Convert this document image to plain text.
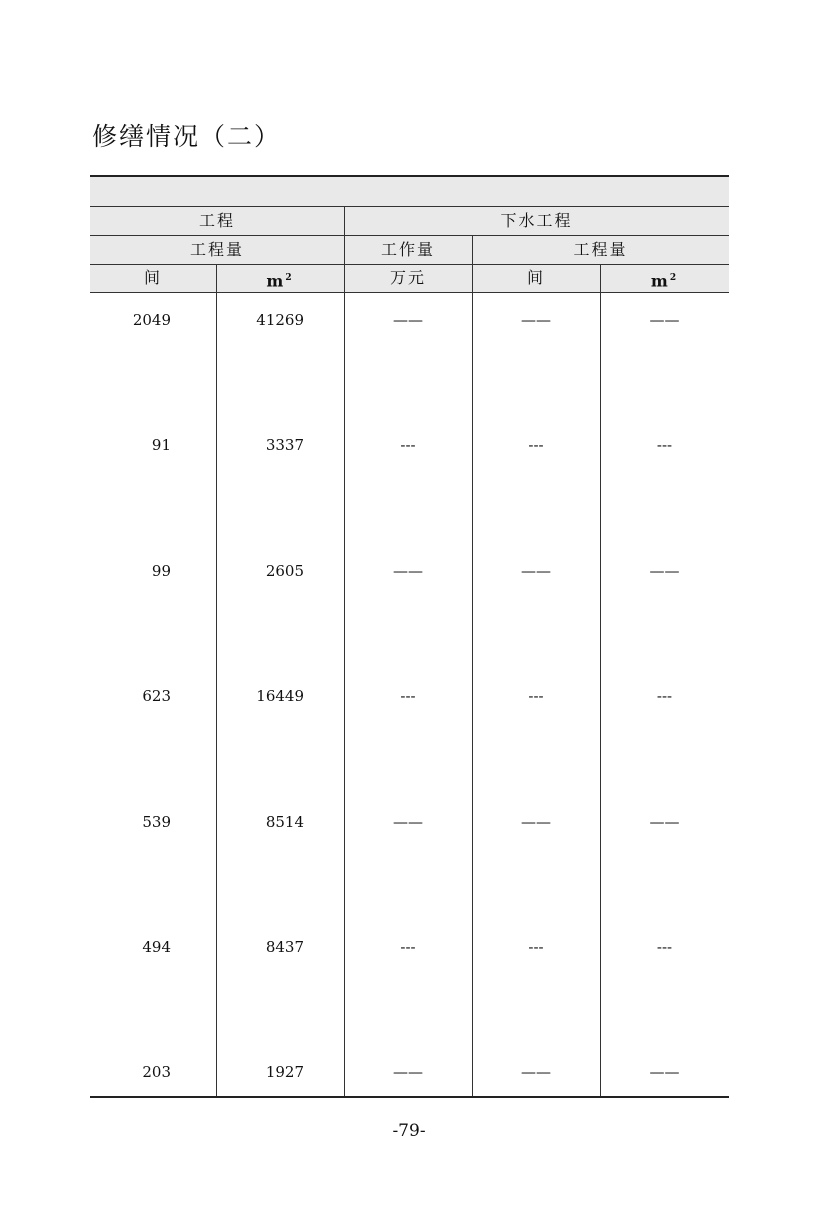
修缮情况（二）
工程	下水工程
工程量	工作量	工程量
间	$m^2$	万元	间	$m^2$
2049	41269	——	——	——
91	3337	---	---	---
99	2605	——	——	——
623	16449	---	---	---
539	8514	——	——	——
494	8437	---	---	---
203	1927	——	——	——
-79-
